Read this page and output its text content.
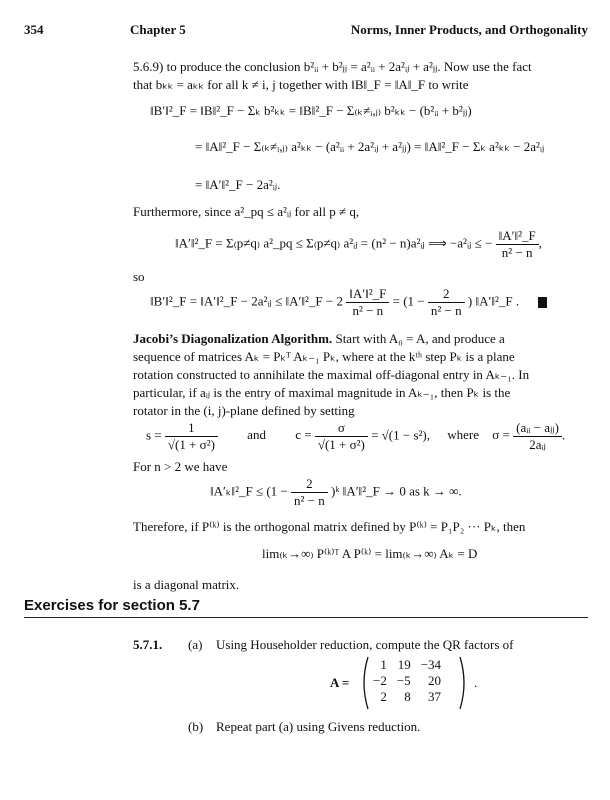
354	Chapter 5	Norms, Inner Products, and Orthogonality
5.6.9) to produce the conclusion b²ᵢᵢ + b²ⱼⱼ = a²ᵢᵢ + 2a²ᵢⱼ + a²ⱼⱼ. Now use the fact
that bₖₖ = aₖₖ for all k ≠ i, j together with ‖B‖_F = ‖A‖_F to write
‖B′‖²_F = ‖B‖²_F − Σₖ b²ₖₖ = ‖B‖²_F − Σ₍ₖ≠ᵢ,ⱼ₎ b²ₖₖ − (b²ᵢᵢ + b²ⱼⱼ)
= ‖A‖²_F − Σ₍ₖ≠ᵢ,ⱼ₎ a²ₖₖ − (a²ᵢᵢ + 2a²ᵢⱼ + a²ⱼⱼ) = ‖A‖²_F − Σₖ a²ₖₖ − 2a²ᵢⱼ
= ‖A′‖²_F − 2a²ᵢⱼ.
Furthermore, since a²_pq ≤ a²ᵢⱼ for all p ≠ q,
‖A′‖²_F = Σ₍p≠q₎ a²_pq ≤ Σ₍p≠q₎ a²ᵢⱼ = (n² − n)a²ᵢⱼ ⟹ −a²ᵢⱼ ≤ − $\frac{\text{‖A′‖²\_F}}{\text{n² − n}}$ ,
so
‖B′‖²_F = ‖A′‖²_F − 2a²ᵢⱼ ≤ ‖A′‖²_F − $2 \frac{\text{‖A′‖²\_F}}{\text{n² − n}} = (1 - \frac{2}{\text{n² − n}}$ ) ‖A′‖²_F .
Jacobi’s Diagonalization Algorithm. Start with A₀ = A, and produce a
sequence of matrices Aₖ = Pₖᵀ Aₖ₋₁ Pₖ, where at the kᵗʰ step Pₖ is a plane
rotation constructed to annihilate the maximal off-diagonal entry in Aₖ₋₁. In
particular, if aᵢⱼ is the entry of maximal magnitude in Aₖ₋₁, then Pₖ is the
rotator in the (i, j)-plane defined by setting
$s = \frac{1}{\text{√(1 + σ²)}}$ and $c = \frac{\sigma}{\text{√(1 + σ²)}} = √(1 - s^2)$, where $\sigma = \frac{\text{(aᵢᵢ − aⱼⱼ)}}{\text{2aᵢⱼ}}$ .
For n > 2 we have
‖A′ₖ‖²_F ≤ ($1 - \frac{2}{\text{n² − n}}$ )ᵏ ‖A′‖²_F → 0 as k → ∞.
Therefore, if P⁽ᵏ⁾ is the orthogonal matrix defined by P⁽ᵏ⁾ = P₁P₂ ··· Pₖ, then
lim₍ₖ→∞₎ P⁽ᵏ⁾ᵀ A P⁽ᵏ⁾ = lim₍ₖ→∞₎ Aₖ = D
is a diagonal matrix.
Exercises for section 5.7
5.7.1. (a) Using Householder reduction, compute the QR factors of
A =
1	19	−34
−2	−5	20
2	8	37
.
(b) Repeat part (a) using Givens reduction.
